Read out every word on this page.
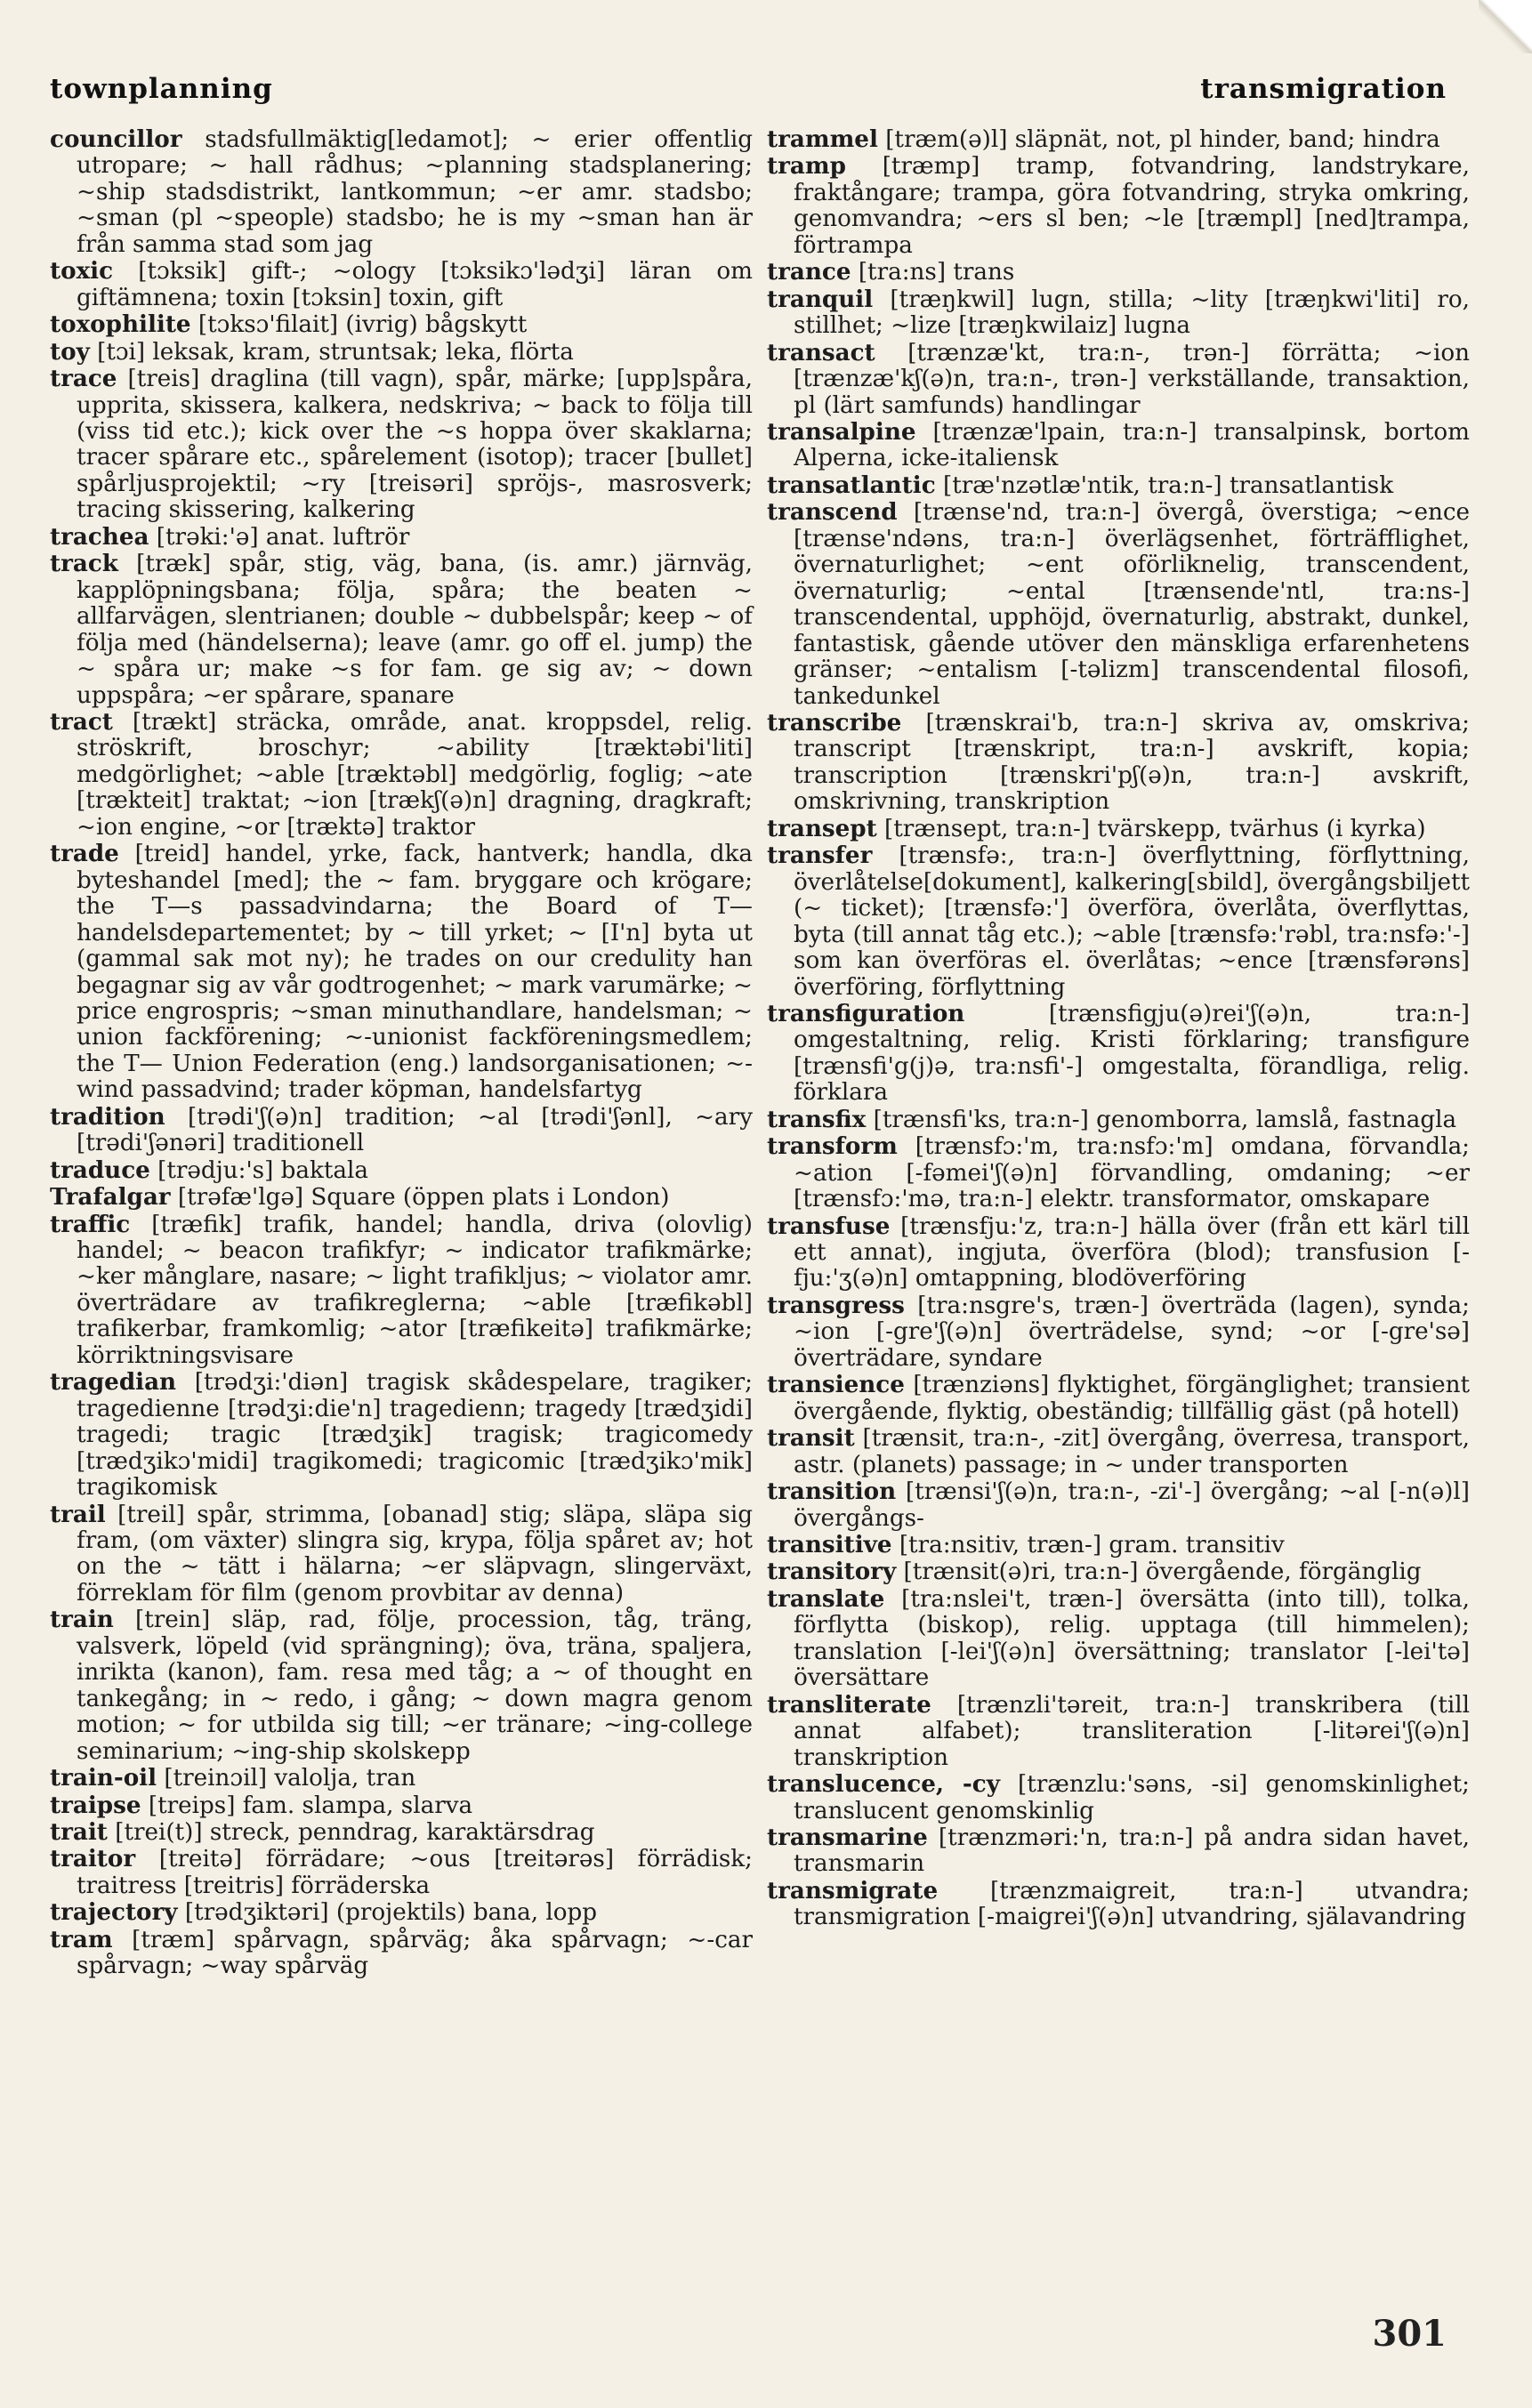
townplanning	transmigration

councillor stadsfullmäktig[ledamot]; ~ erier offentlig utropare; ~ hall rådhus; ~planning stadsplanering; ~ship stadsdistrikt, lantkommun; ~er amr. stadsbo; ~sman (pl ~speople) stadsbo; he is my ~sman han är från samma stad som jag

toxic [tɔksik] gift-; ~ology [tɔksikɔ'lədʒi] läran om giftämnena; toxin [tɔksin] toxin, gift

toxophilite [tɔksɔ'filait] (ivrig) bågskytt

toy [tɔi] leksak, kram, struntsak; leka, flörta

trace [treis] draglina (till vagn), spår, märke; [upp]spåra, upprita, skissera, kalkera, nedskriva; ~ back to följa till (viss tid etc.); kick over the ~s hoppa över skaklarna; tracer spårare etc., spårelement (isotop); tracer [bullet] spårljusprojektil; ~ry [treisəri] spröjs-, masrosverk; tracing skissering, kalkering

trachea [trəki:'ə] anat. luftrör

track [træk] spår, stig, väg, bana, (is. amr.) järnväg, kapplöpningsbana; följa, spåra; the beaten ~ allfarvägen, slentrianen; double ~ dubbelspår; keep ~ of följa med (händelserna); leave (amr. go off el. jump) the ~ spåra ur; make ~s for fam. ge sig av; ~ down uppspåra; ~er spårare, spanare

tract [trækt] sträcka, område, anat. kroppsdel, relig. ströskrift, broschyr; ~ability [træktəbi'liti] medgörlighet; ~able [træktəbl] medgörlig, foglig; ~ate [trækteit] traktat; ~ion [trækʃ(ə)n] dragning, dragkraft; ~ion engine, ~or [træktə] traktor

trade [treid] handel, yrke, fack, hantverk; handla, dka byteshandel [med]; the ~ fam. bryggare och krögare; the T—s passadvindarna; the Board of T— handelsdepartementet; by ~ till yrket; ~ [I'n] byta ut (gammal sak mot ny); he trades on our credulity han begagnar sig av vår godtrogenhet; ~ mark varumärke; ~ price engrospris; ~sman minuthandlare, handelsman; ~ union fackförening; ~-unionist fackföreningsmedlem; the T— Union Federation (eng.) landsorganisationen; ~-wind passadvind; trader köpman, handelsfartyg

tradition [trədi'ʃ(ə)n] tradition; ~al [trədi'ʃənl], ~ary [trədi'ʃənəri] traditionell

traduce [trədju:'s] baktala

Trafalgar [trəfæ'lgə] Square (öppen plats i London)

traffic [træfik] trafik, handel; handla, driva (olovlig) handel; ~ beacon trafikfyr; ~ indicator trafikmärke; ~ker månglare, nasare; ~ light trafikljus; ~ violator amr. överträdare av trafikreglerna; ~able [træfikəbl] trafikerbar, framkomlig; ~ator [træfikeitə] trafikmärke; körriktningsvisare

tragedian [trədʒi:'diən] tragisk skådespelare, tragiker; tragedienne [trədʒi:die'n] tragedienn; tragedy [trædʒidi] tragedi; tragic [trædʒik] tragisk; tragicomedy [trædʒikɔ'midi] tragikomedi; tragicomic [trædʒikɔ'mik] tragikomisk

trail [treil] spår, strimma, [obanad] stig; släpa, släpa sig fram, (om växter) slingra sig, krypa, följa spåret av; hot on the ~ tätt i hälarna; ~er släpvagn, slingerväxt, förreklam för film (genom provbitar av denna)

train [trein] släp, rad, följe, procession, tåg, träng, valsverk, löpeld (vid sprängning); öva, träna, spaljera, inrikta (kanon), fam. resa med tåg; a ~ of thought en tankegång; in ~ redo, i gång; ~ down magra genom motion; ~ for utbilda sig till; ~er tränare; ~ing-college seminarium; ~ing-ship skolskepp

train-oil [treinɔil] valolja, tran

traipse [treips] fam. slampa, slarva

trait [trei(t)] streck, penndrag, karaktärsdrag

traitor [treitə] förrädare; ~ous [treitərəs] förrädisk; traitress [treitris] förräderska

trajectory [trədʒiktəri] (projektils) bana, lopp

tram [træm] spårvagn, spårväg; åka spårvagn; ~-car spårvagn; ~way spårväg

trammel [træm(ə)l] släpnät, not, pl hinder, band; hindra

tramp [træmp] tramp, fotvandring, landstrykare, fraktångare; trampa, göra fotvandring, stryka omkring, genomvandra; ~ers sl ben; ~le [træmpl] [ned]trampa, förtrampa

trance [tra:ns] trans

tranquil [træŋkwil] lugn, stilla; ~lity [træŋkwi'liti] ro, stillhet; ~lize [træŋkwilaiz] lugna

transact [trænzæ'kt, tra:n-, trən-] förrätta; ~ion [trænzæ'kʃ(ə)n, tra:n-, trən-] verkställande, transaktion, pl (lärt samfunds) handlingar

transalpine [trænzæ'lpain, tra:n-] transalpinsk, bortom Alperna, icke-italiensk

transatlantic [træ'nzətlæ'ntik, tra:n-] transatlantisk

transcend [trænse'nd, tra:n-] övergå, överstiga; ~ence [trænse'ndəns, tra:n-] överlägsenhet, förträfflighet, övernaturlighet; ~ent oförliknelig, transcendent, övernaturlig; ~ental [trænsende'ntl, tra:ns-] transcendental, upphöjd, övernaturlig, abstrakt, dunkel, fantastisk, gående utöver den mänskliga erfarenhetens gränser; ~entalism [-təlizm] transcendental filosofi, tankedunkel

transcribe [trænskrai'b, tra:n-] skriva av, omskriva; transcript [trænskript, tra:n-] avskrift, kopia; transcription [trænskri'pʃ(ə)n, tra:n-] avskrift, omskrivning, transkription

transept [trænsept, tra:n-] tvärskepp, tvärhus (i kyrka)

transfer [trænsfə:, tra:n-] överflyttning, förflyttning, överlåtelse[dokument], kalkering[sbild], övergångsbiljett (~ ticket); [trænsfə:'] överföra, överlåta, överflyttas, byta (till annat tåg etc.); ~able [trænsfə:'rəbl, tra:nsfə:'-] som kan överföras el. överlåtas; ~ence [trænsfərəns] överföring, förflyttning

transfiguration [trænsfigju(ə)rei'ʃ(ə)n, tra:n-] omgestaltning, relig. Kristi förklaring; transfigure [trænsfi'g(j)ə, tra:nsfi'-] omgestalta, förandliga, relig. förklara

transfix [trænsfi'ks, tra:n-] genomborra, lamslå, fastnagla

transform [trænsfɔ:'m, tra:nsfɔ:'m] omdana, förvandla; ~ation [-fəmei'ʃ(ə)n] förvandling, omdaning; ~er [trænsfɔ:'mə, tra:n-] elektr. transformator, omskapare

transfuse [trænsfju:'z, tra:n-] hälla över (från ett kärl till ett annat), ingjuta, överföra (blod); transfusion [-fju:'ʒ(ə)n] omtappning, blodöverföring

transgress [tra:nsgre's, træn-] överträda (lagen), synda; ~ion [-gre'ʃ(ə)n] överträdelse, synd; ~or [-gre'sə] överträdare, syndare

transience [trænziəns] flyktighet, förgänglighet; transient övergående, flyktig, obeständig; tillfällig gäst (på hotell)

transit [trænsit, tra:n-, -zit] övergång, överresa, transport, astr. (planets) passage; in ~ under transporten

transition [trænsi'ʃ(ə)n, tra:n-, -zi'-] övergång; ~al [-n(ə)l] övergångs-

transitive [tra:nsitiv, træn-] gram. transitiv

transitory [trænsit(ə)ri, tra:n-] övergående, förgänglig

translate [tra:nslei't, træn-] översätta (into till), tolka, förflytta (biskop), relig. upptaga (till himmelen); translation [-lei'ʃ(ə)n] översättning; translator [-lei'tə] översättare

transliterate [trænzli'təreit, tra:n-] transkribera (till annat alfabet); transliteration [-litərei'ʃ(ə)n] transkription

translucence, -cy [trænzlu:'səns, -si] genomskinlighet; translucent genomskinlig

transmarine [trænzməri:'n, tra:n-] på andra sidan havet, transmarin

transmigrate [trænzmaigreit, tra:n-] utvandra; transmigration [-maigrei'ʃ(ə)n] utvandring, själavandring

301
